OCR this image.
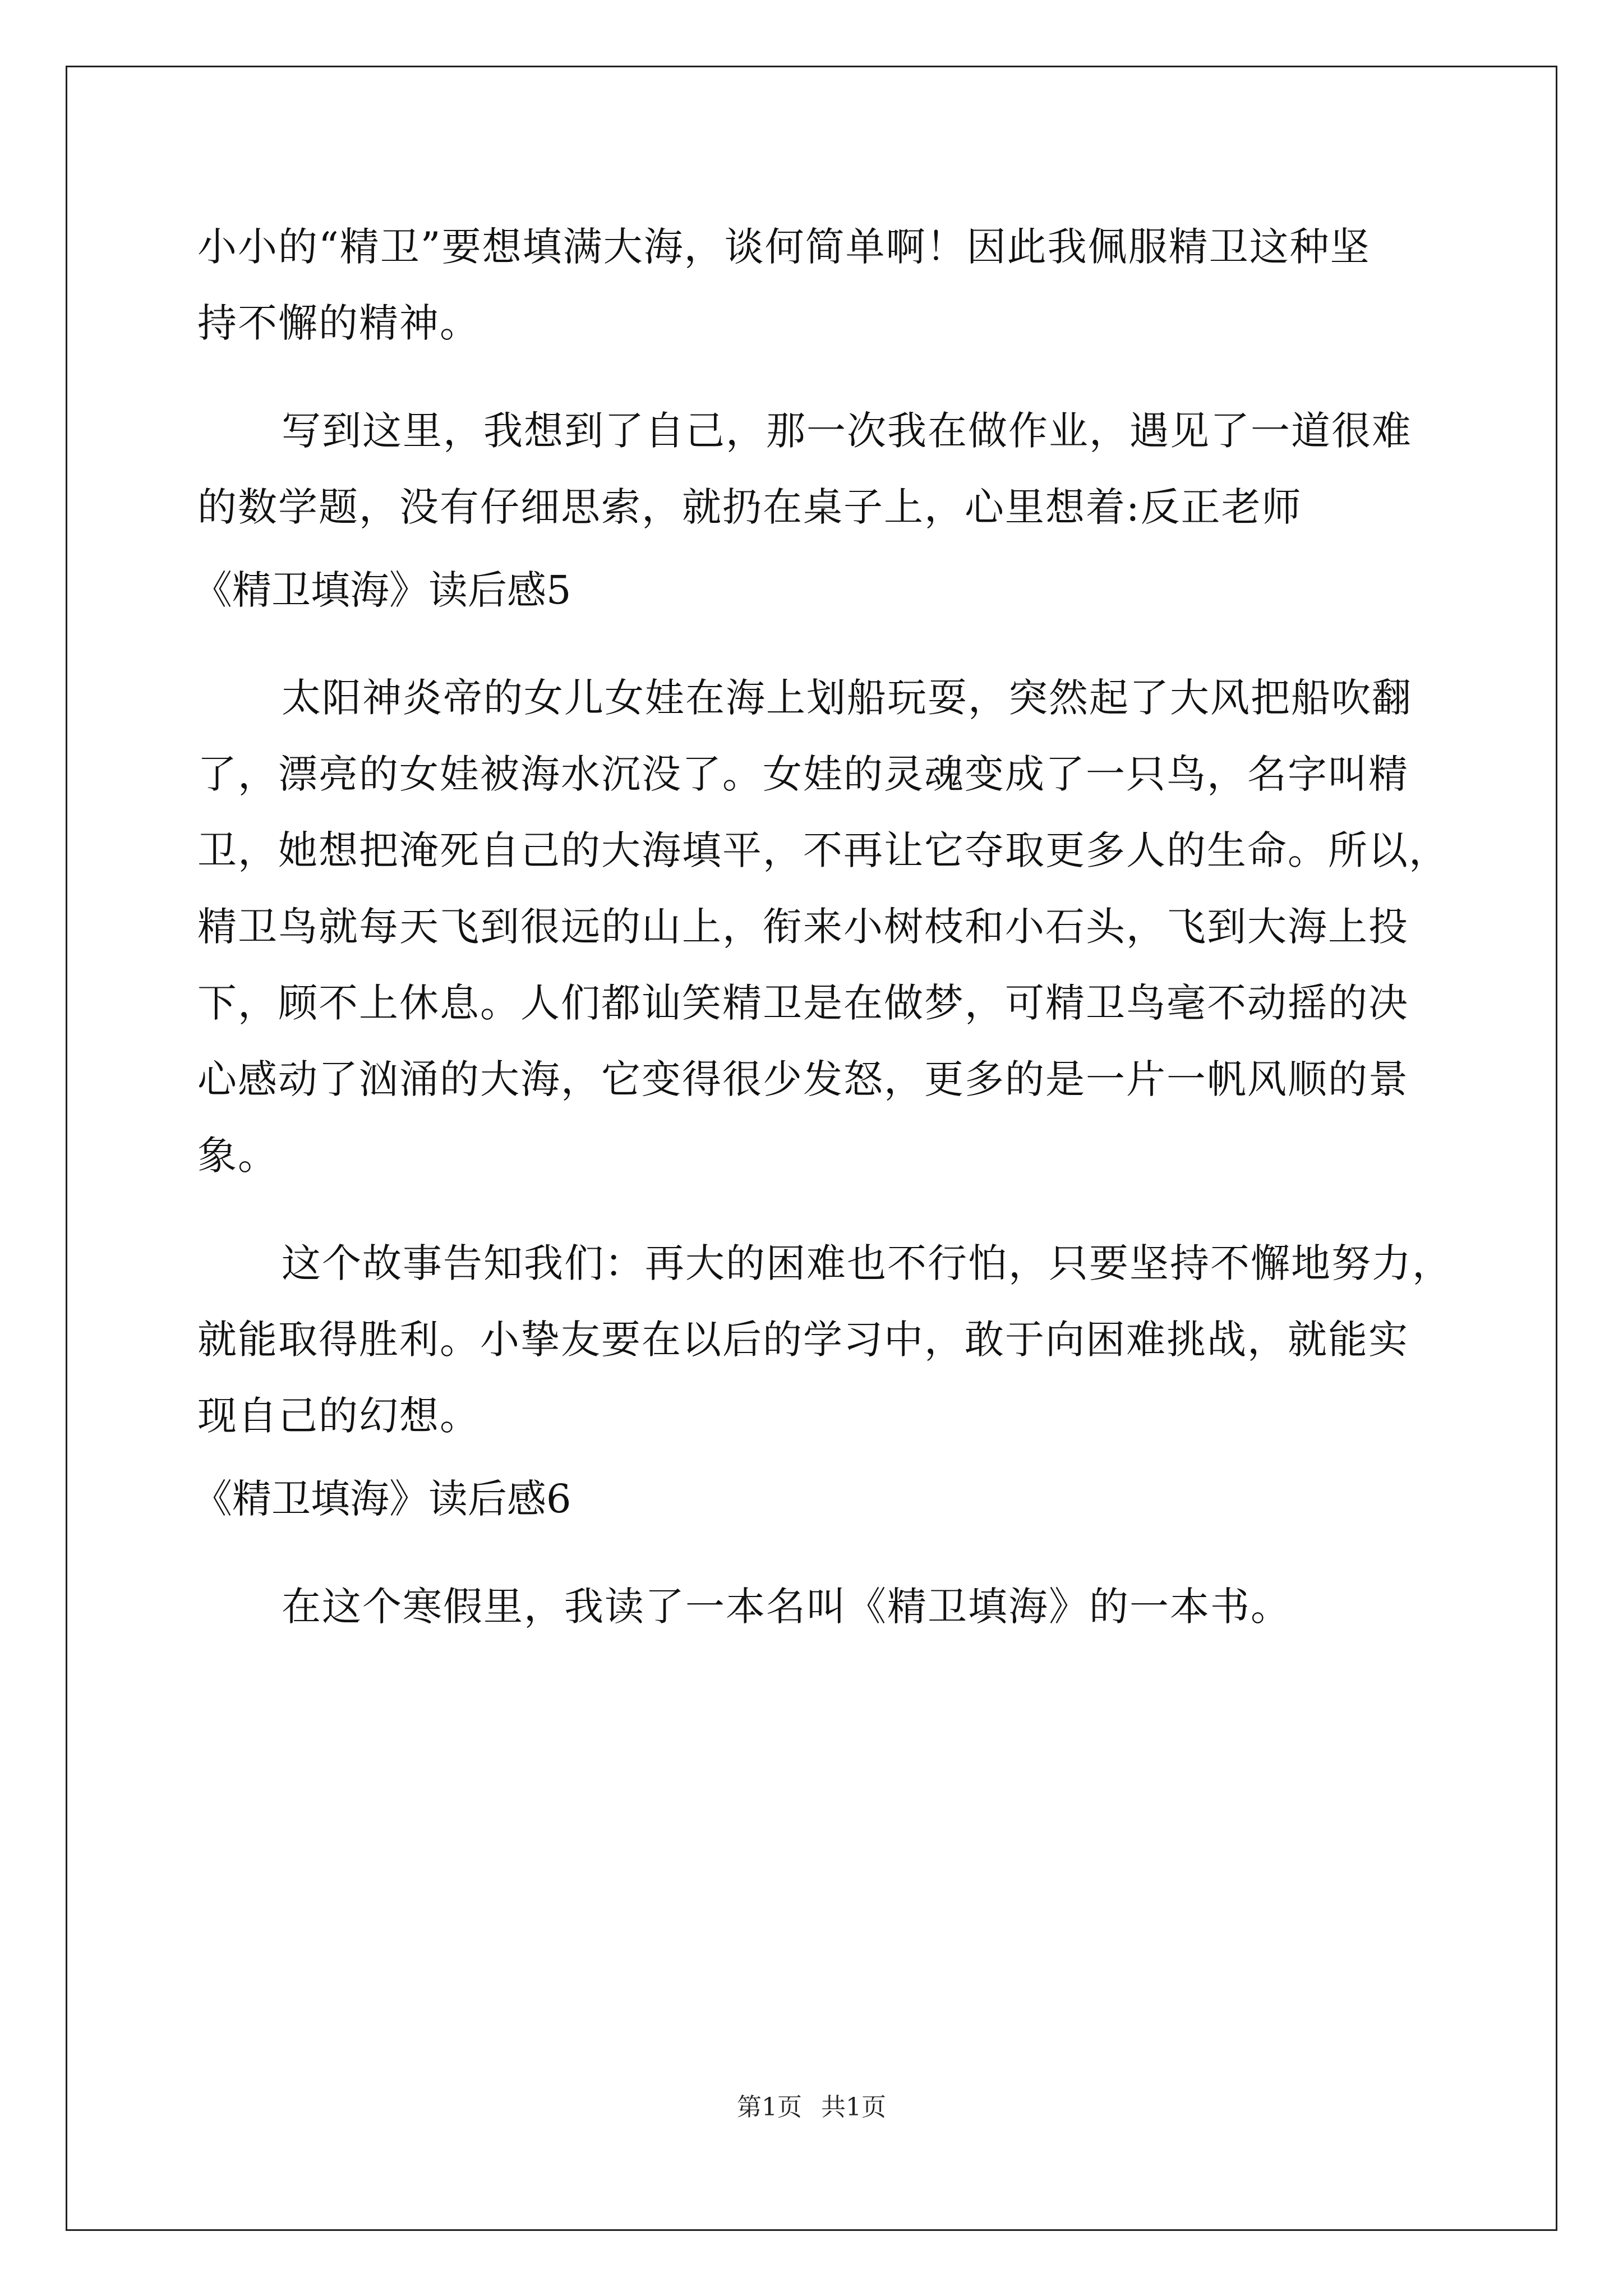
小小的“精卫”要想填满大海，谈何简单啊！因此我佩服精卫这种坚
持不懈的精神。
写到这里，我想到了自己，那一次我在做作业，遇见了一道很难
的数学题，没有仔细思索，就扔在桌子上，心里想着:反正老师
《精卫填海》读后感5
太阳神炎帝的女儿女娃在海上划船玩耍，突然起了大风把船吹翻
了，漂亮的女娃被海水沉没了。女娃的灵魂变成了一只鸟，名字叫精
卫，她想把淹死自己的大海填平，不再让它夺取更多人的生命。所以，
精卫鸟就每天飞到很远的山上，衔来小树枝和小石头，飞到大海上投
下，顾不上休息。人们都讪笑精卫是在做梦，可精卫鸟毫不动摇的决
心感动了汹涌的大海，它变得很少发怒，更多的是一片一帆风顺的景
象。
这个故事告知我们：再大的困难也不行怕，只要坚持不懈地努力，
就能取得胜利。小挚友要在以后的学习中，敢于向困难挑战，就能实
现自己的幻想。
《精卫填海》读后感6
在这个寒假里，我读了一本名叫《精卫填海》的一本书。
第1页 共1页
